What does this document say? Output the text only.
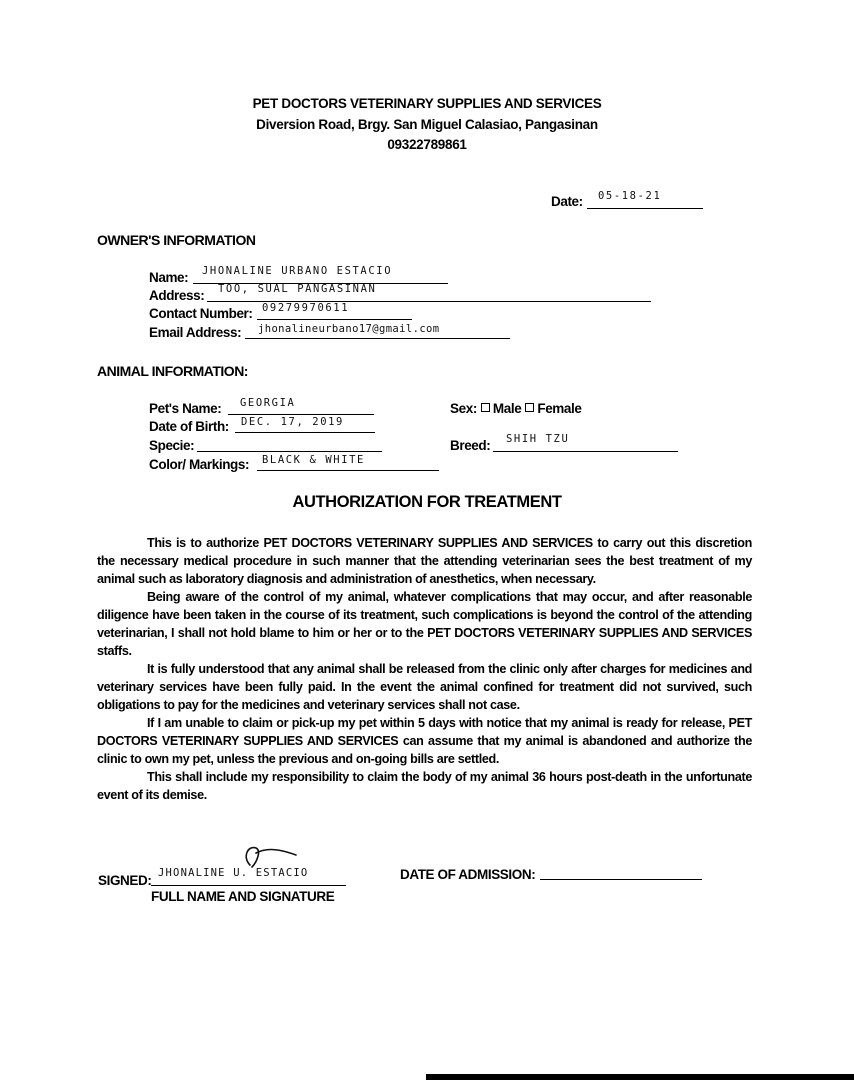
PET DOCTORS VETERINARY SUPPLIES AND SERVICES
Diversion Road, Brgy. San Miguel Calasiao, Pangasinan
09322789861
Date: 05-18-21
OWNER'S INFORMATION
Name: JHONALINE URBANO ESTACIO
Address: TOO, SUAL PANGASINAN
Contact Number: 09279970611
Email Address: jhonalineurbano17@gmail.com
ANIMAL INFORMATION:
Pet's Name: GEORGIA	Sex: Male Female
Date of Birth: DEC. 17, 2019
Specie:	Breed: SHIH TZU
Color/ Markings: BLACK & WHITE
AUTHORIZATION FOR TREATMENT

This is to authorize PET DOCTORS VETERINARY SUPPLIES AND SERVICES to carry out this discretion the necessary medical procedure in such manner that the attending veterinarian sees the best treatment of my animal such as laboratory diagnosis and administration of anesthetics, when necessary.

Being aware of the control of my animal, whatever complications that may occur, and after reasonable diligence have been taken in the course of its treatment, such complications is beyond the control of the attending veterinarian, I shall not hold blame to him or her or to the PET DOCTORS VETERINARY SUPPLIES AND SERVICES staffs.

It is fully understood that any animal shall be released from the clinic only after charges for medicines and veterinary services have been fully paid. In the event the animal confined for treatment did not survived, such obligations to pay for the medicines and veterinary services shall not case.

If I am unable to claim or pick-up my pet within 5 days with notice that my animal is ready for release, PET DOCTORS VETERINARY SUPPLIES AND SERVICES can assume that my animal is abandoned and authorize the clinic to own my pet, unless the previous and on-going bills are settled.

This shall include my responsibility to claim the body of my animal 36 hours post-death in the unfortunate event of its demise.

SIGNED: JHONALINE U. ESTACIO
FULL NAME AND SIGNATURE
DATE OF ADMISSION:
